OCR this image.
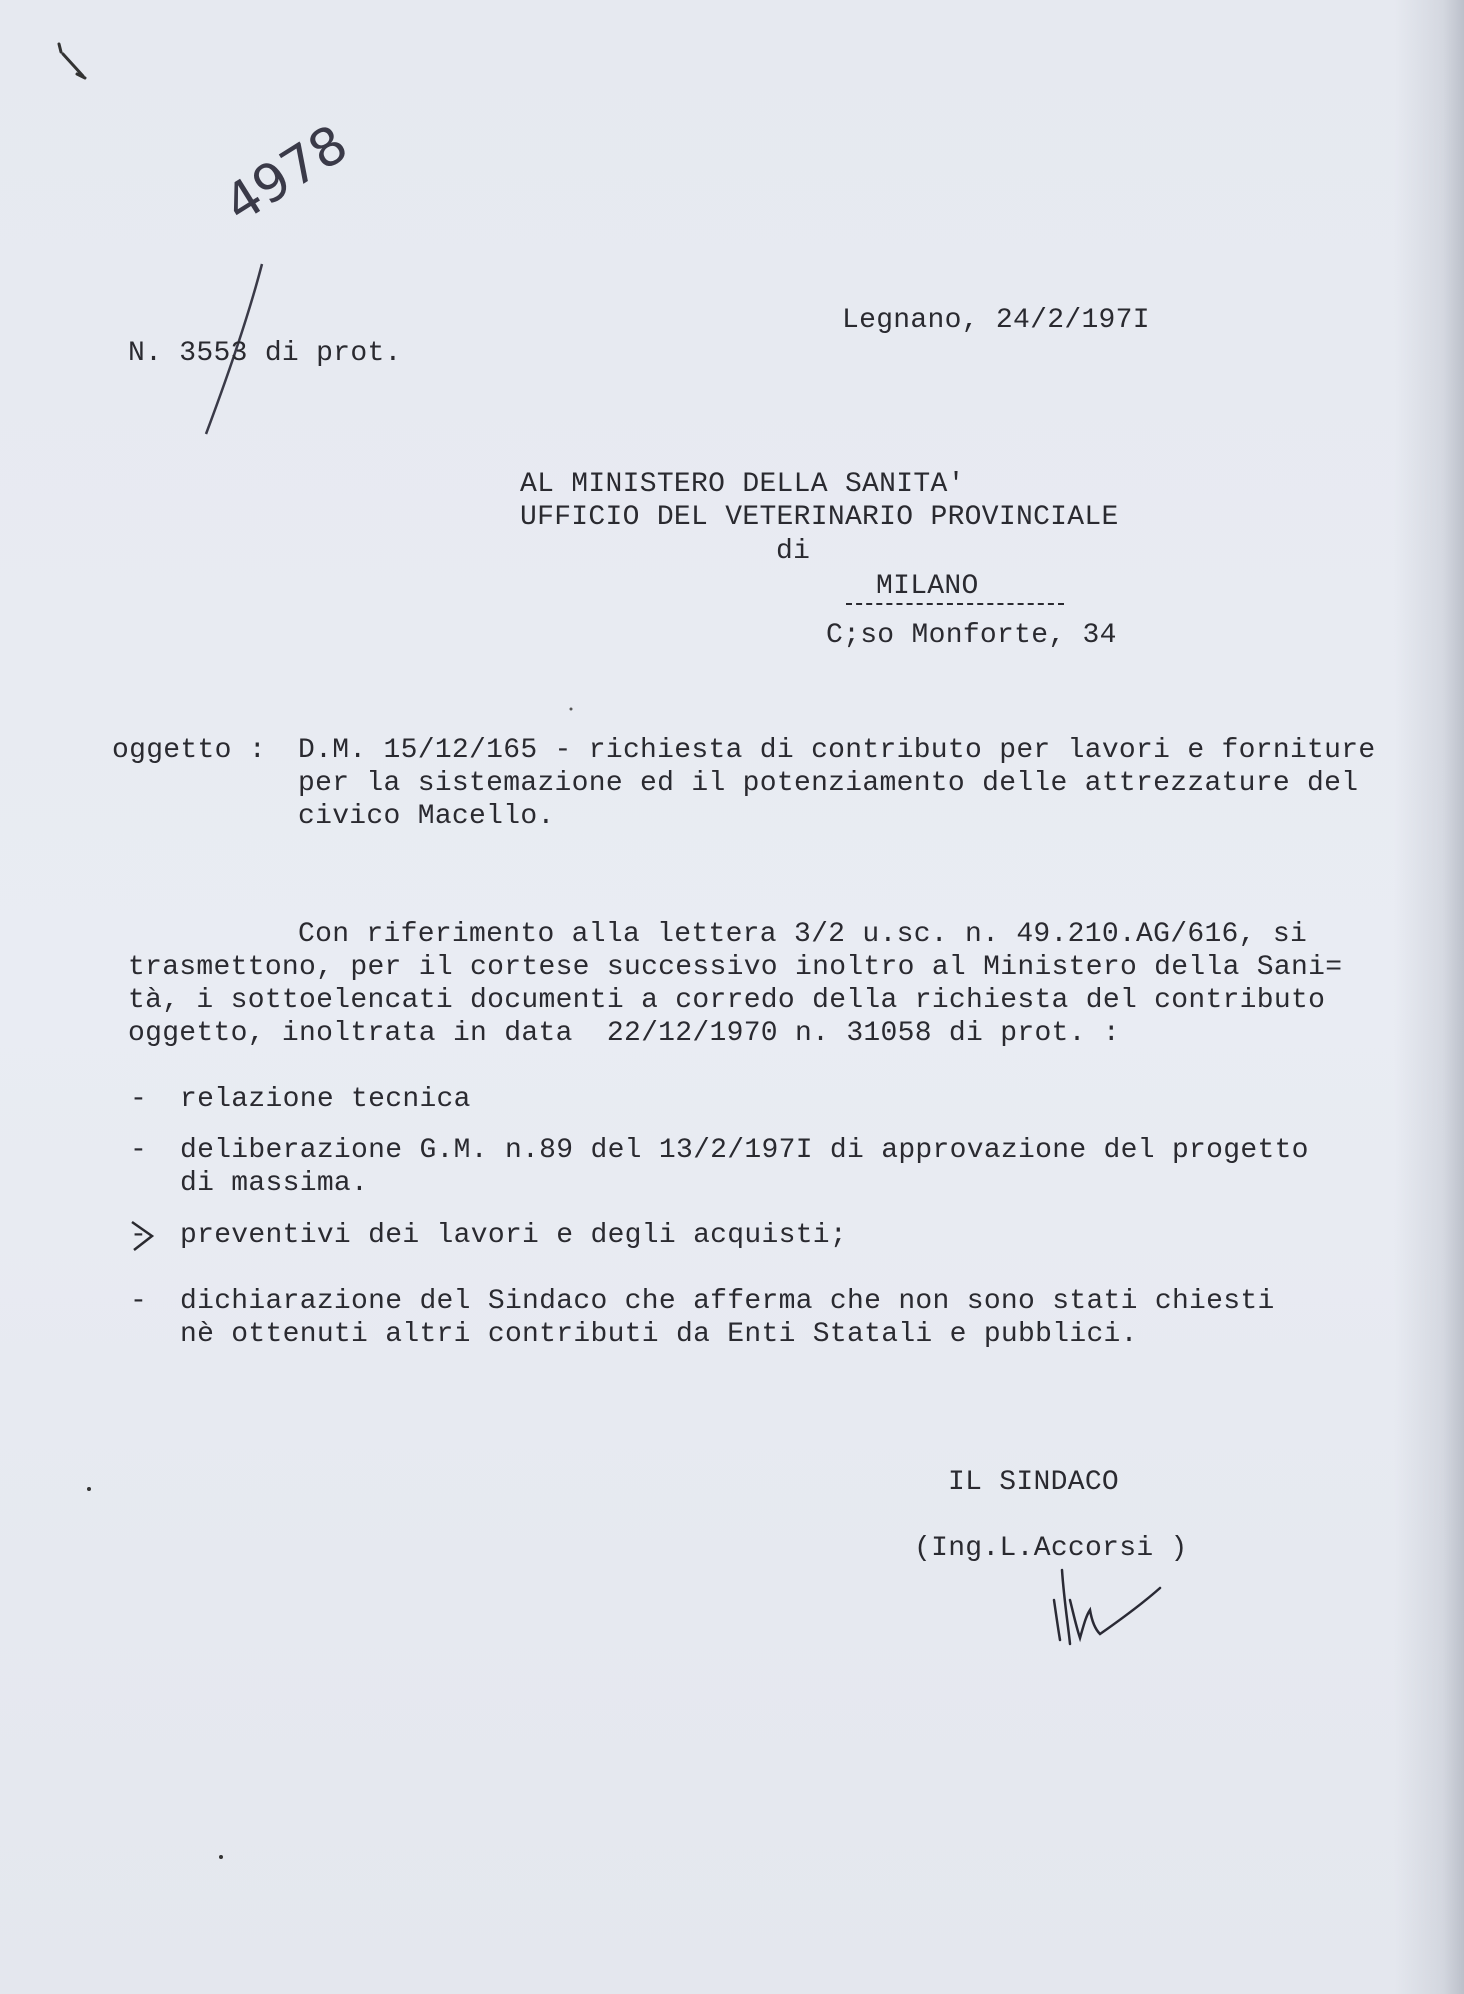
4978
N. 3553 di prot.
Legnano, 24/2/197I
AL MINISTERO DELLA SANITA'
UFFICIO DEL VETERINARIO PROVINCIALE
di
MILANO
C;so Monforte, 34
oggetto : D.M. 15/12/165 - richiesta di contributo per lavori e forniture
per la sistemazione ed il potenziamento delle attrezzature del
civico Macello.
Con riferimento alla lettera 3/2 u.sc. n. 49.210.AG/616, si
trasmettono, per il cortese successivo inoltro al Ministero della Sani=
tà, i sottoelencati documenti a corredo della richiesta del contributo
oggetto, inoltrata in data  22/12/1970 n. 31058 di prot. :
- relazione tecnica
- deliberazione G.M. n.89 del 13/2/197I di approvazione del progetto
di massima.
- preventivi dei lavori e degli acquisti;
- dichiarazione del Sindaco che afferma che non sono stati chiesti
nè ottenuti altri contributi da Enti Statali e pubblici.
IL SINDACO
(Ing.L.Accorsi )
